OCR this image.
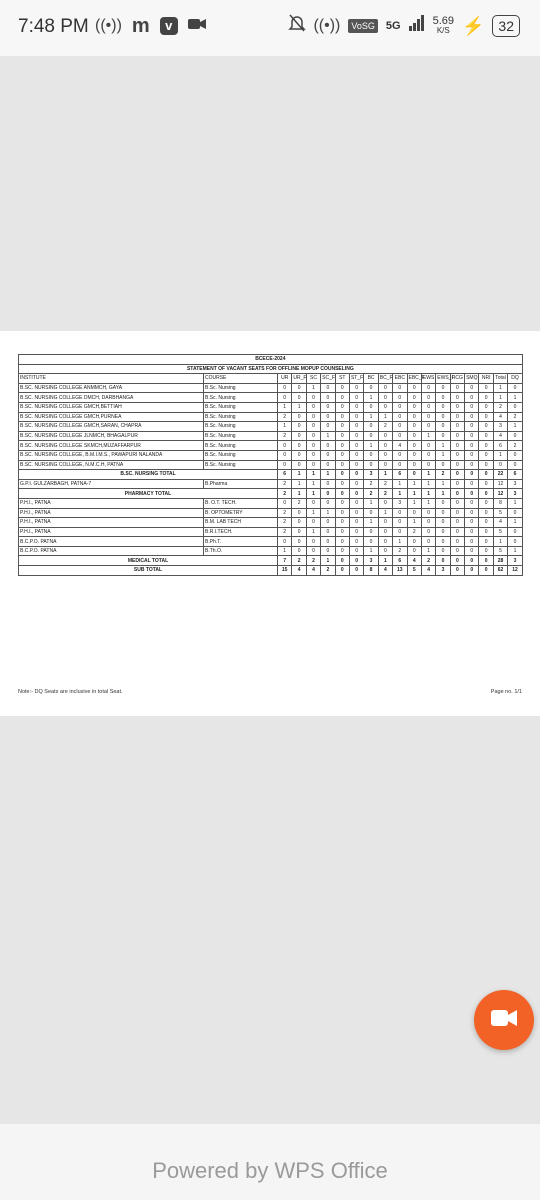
7:48 PM ((•)) m	v	((•))	VoSG 5G	5.69
K/S ⚡	32
BCECE-2024																		
STATEMENT OF VACANT SEATS FOR OFFLINE MOPUP COUNSELING																		
INSTITUTE	COURSE	UR	UR_F	SC	SC_F	ST	ST_F	BC	BC_F	EBC	EBC_F	EWS	EWS_F	RCG	SMQ	NRI	Total	DQ
B.SC. NURSING COLLEGE ANMMCH, GAYA	B.Sc. Nursing	0	0	1	0	0	0	0	0	0	0	0	0	0	0	0	1	0
B.SC. NURSING COLLEGE DMCH, DARBHANGA	B.Sc. Nursing	0	0	0	0	0	0	1	0	0	0	0	0	0	0	0	1	1
B.SC. NURSING COLLEGE GMCH,BETTIAH	B.Sc. Nursing	1	1	0	0	0	0	0	0	0	0	0	0	0	0	0	2	0
B.SC. NURSING COLLEGE GMCH,PURNEA	B.Sc. Nursing	2	0	0	0	0	0	1	1	0	0	0	0	0	0	0	4	2
B.SC. NURSING COLLEGE GMCH,SARAN, CHAPRA	B.Sc. Nursing	1	0	0	0	0	0	0	2	0	0	0	0	0	0	0	3	1
B.SC. NURSING COLLEGE JLNMCH, BHAGALPUR	B.Sc. Nursing	2	0	0	1	0	0	0	0	0	0	1	0	0	0	0	4	0
B.SC. NURSING COLLEGE SKMCH,MUZAFFARPUR	B.Sc. Nursing	0	0	0	0	0	0	1	0	4	0	0	1	0	0	0	6	2
B.SC. NURSING COLLEGE, B.M.I.M.S., PAWAPURI NALANDA	B.Sc. Nursing	0	0	0	0	0	0	0	0	0	0	0	1	0	0	0	1	0
B.SC. NURSING COLLEGE, N.M.C.H, PATNA	B.Sc. Nursing	0	0	0	0	0	0	0	0	0	0	0	0	0	0	0	0	0
B.SC. NURSING TOTAL		6	1	1	1	0	0	3	1	6	0	1	2	0	0	0	22	6
G.P.I. GULZARBAGH, PATNA-7	B.Pharma	2	1	1	0	0	0	2	2	1	1	1	1	0	0	0	12	3
PHARMACY TOTAL		2	1	1	0	0	0	2	2	1	1	1	1	0	0	0	12	3
P.H.I., PATNA	B. O.T. TECH.	0	2	0	0	0	0	1	0	3	1	1	0	0	0	0	8	1
P.H.I., PATNA	B. OPTOMETRY	2	0	1	1	0	0	0	1	0	0	0	0	0	0	0	5	0
P.H.I., PATNA	B.M. LAB TECH	2	0	0	0	0	0	1	0	0	1	0	0	0	0	0	4	1
P.H.I., PATNA	B.R.I.TECH.	2	0	1	0	0	0	0	0	0	2	0	0	0	0	0	5	0
B.C.P.O. PATNA	B.Ph.T.	0	0	0	0	0	0	0	0	1	0	0	0	0	0	0	1	0
B.C.P.O. PATNA	B.Th.O.	1	0	0	0	0	0	1	0	2	0	1	0	0	0	0	5	1
MEDICAL TOTAL		7	2	2	1	0	0	3	1	6	4	2	0	0	0	0	28	3
SUB TOTAL		15	4	4	2	0	0	8	4	13	5	4	3	0	0	0	62	12
Note:- DQ Seats are inclusive in total Seat.	Page no. 1/1
Powered by WPS Office
